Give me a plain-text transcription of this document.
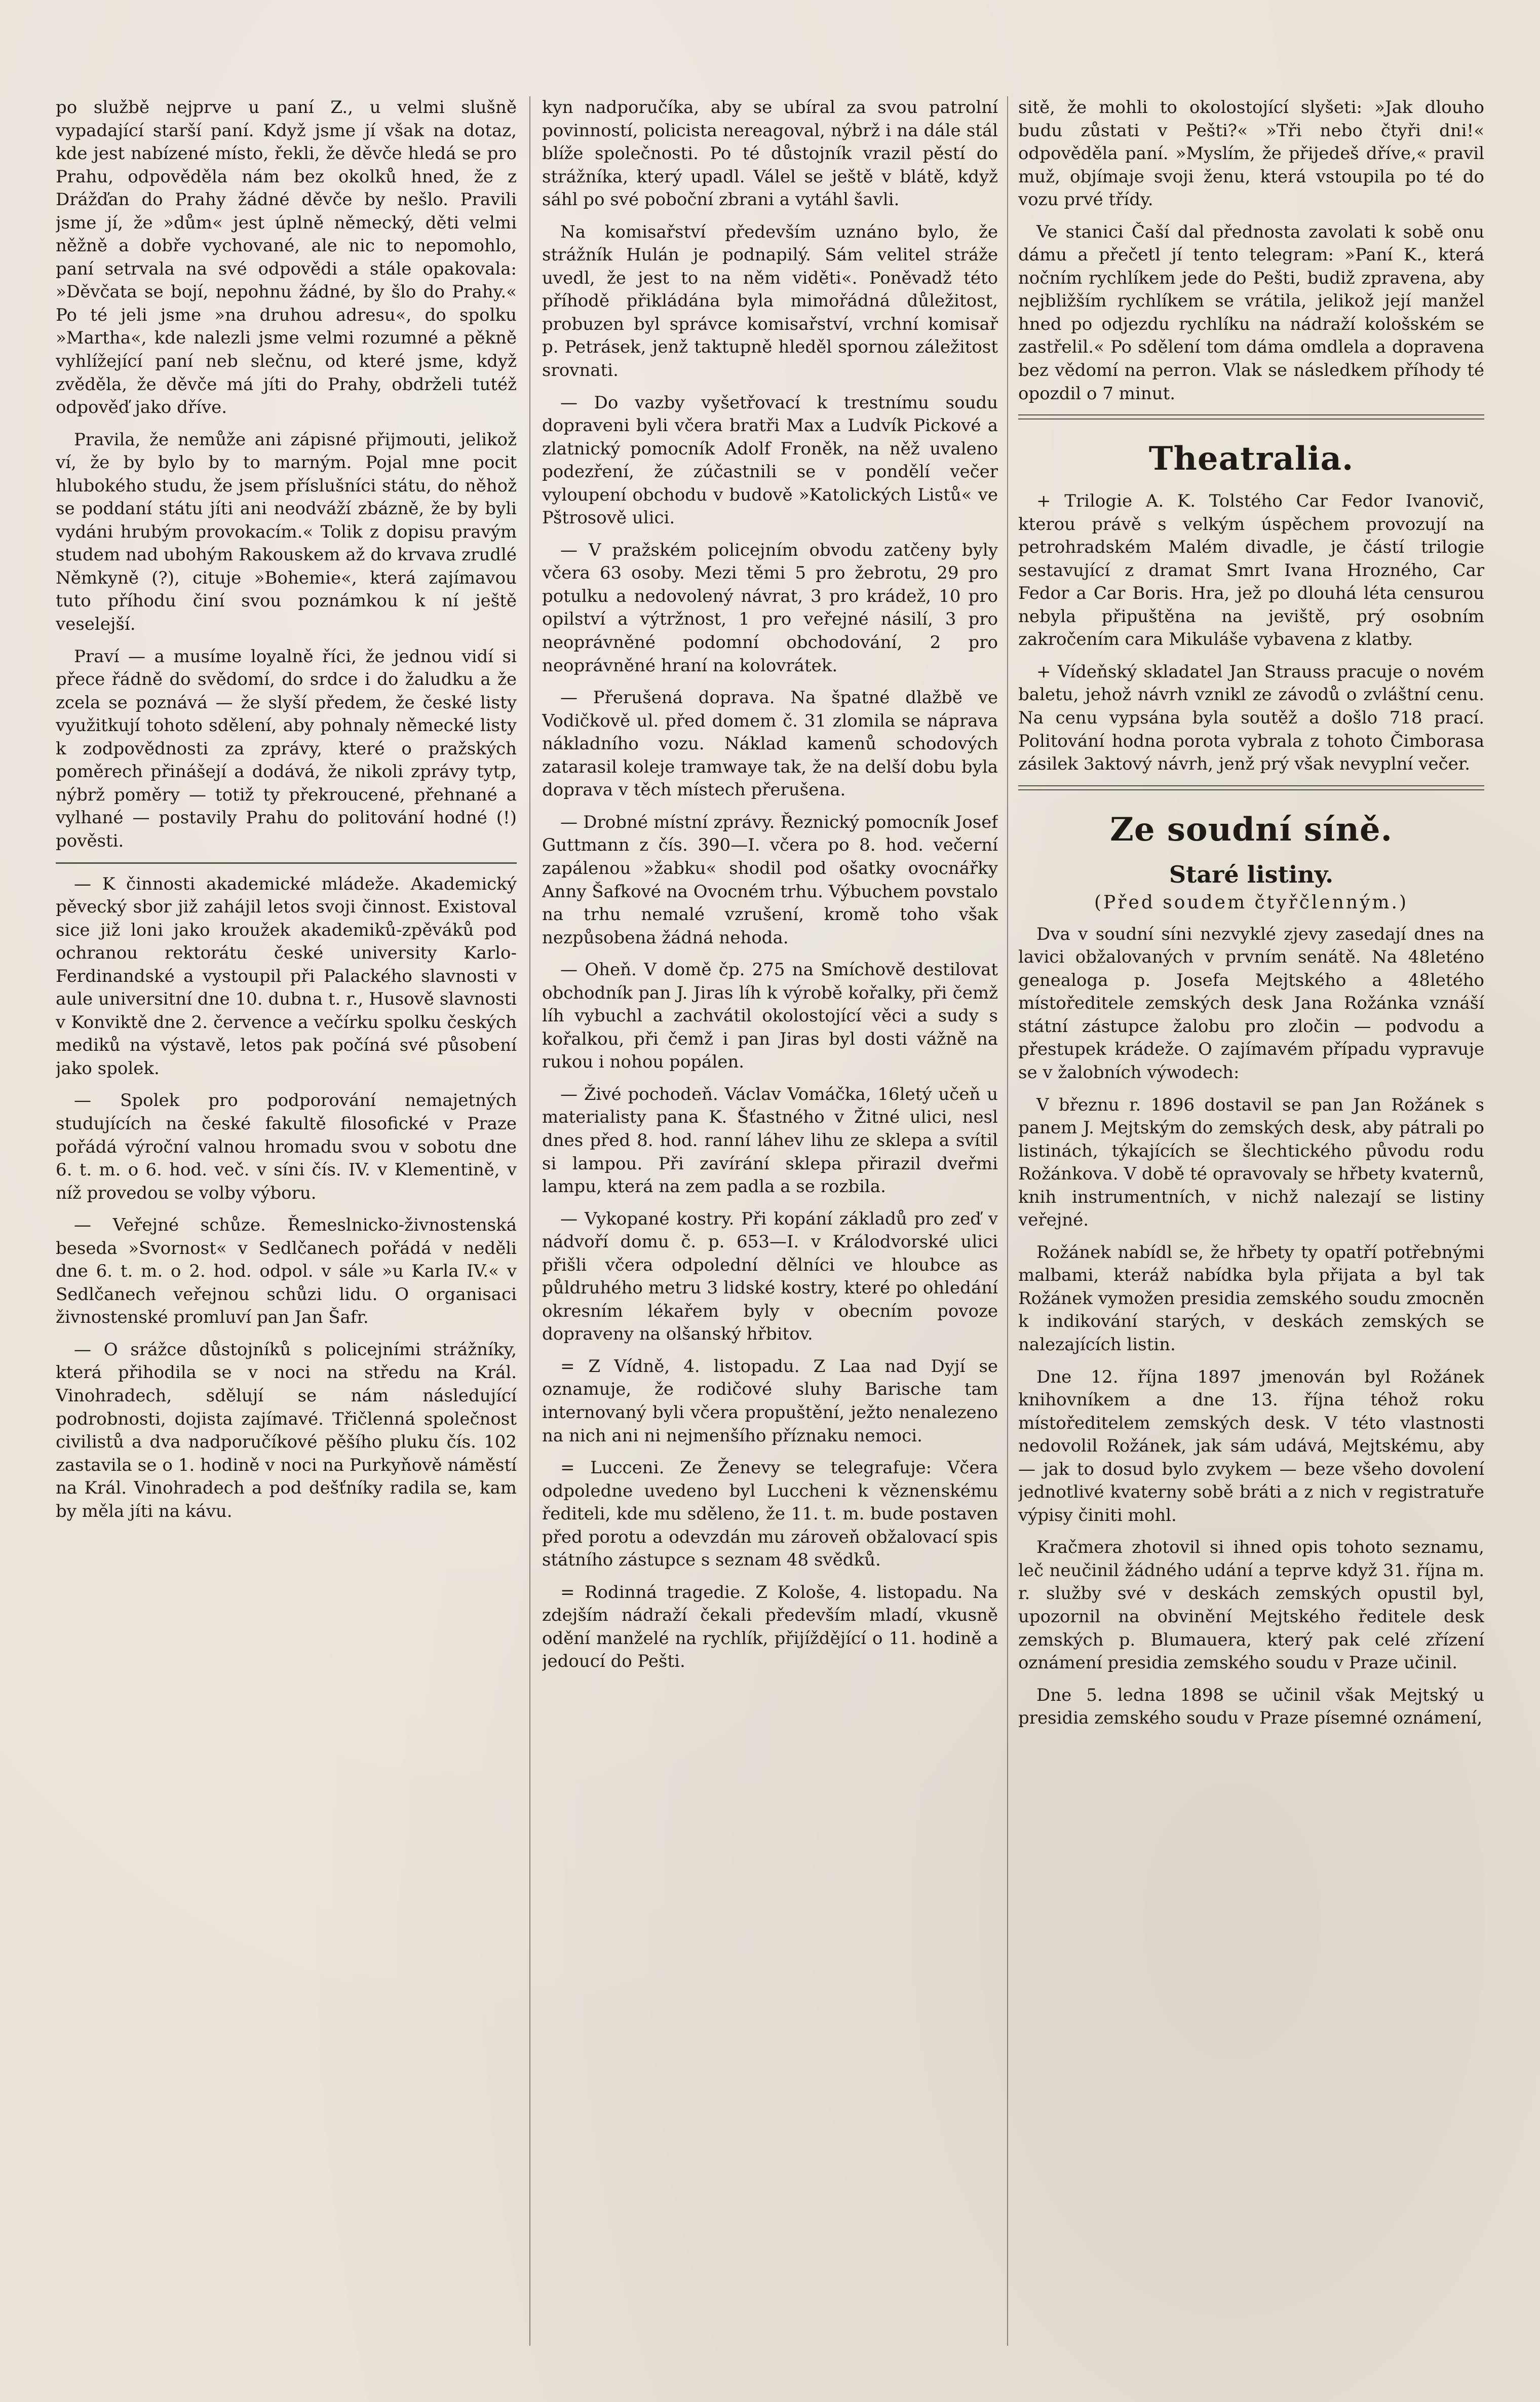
po službě nejprve u paní Z., u velmi slušně vypadající starší paní. Když jsme jí však na dotaz, kde jest nabízené místo, řekli, že děvče hledá se pro Prahu, odpověděla nám bez okolků hned, že z Drážďan do Prahy žádné děvče by nešlo. Pravili jsme jí, že »dům« jest úplně německý, děti velmi něžně a dobře vychované, ale nic to nepomohlo, paní setrvala na své odpovědi a stále opakovala: »Děvčata se bojí, nepohnu žádné, by šlo do Prahy.« Po té jeli jsme »na druhou adresu«, do spolku »Martha«, kde nalezli jsme velmi rozumné a pěkně vyhlížející paní neb slečnu, od které jsme, když zvěděla, že děvče má jíti do Prahy, obdrželi tutéž odpověď jako dříve.

Pravila, že nemůže ani zápisné přijmouti, jelikož ví, že by bylo by to marným. Pojal mne pocit hlubokého studu, že jsem příslušníci státu, do něhož se poddaní státu jíti ani neodváží zbázně, že by byli vydáni hrubým provokacím.« Tolik z dopisu pravým studem nad ubohým Rakouskem až do krvava zrudlé Němkyně (?), cituje »Bohemie«, která zajímavou tuto příhodu činí svou poznámkou k ní ještě veselejší.

Praví — a musíme loyalně říci, že jednou vidí si přece řádně do svědomí, do srdce i do žaludku a že zcela se poznává — že slyší předem, že české listy využitkují tohoto sdělení, aby pohnaly německé listy k zodpovědnosti za zprávy, které o pražských poměrech přinášejí a dodává, že nikoli zprávy tytp, nýbrž poměry — totiž ty překroucené, přehnané a vylhané — postavily Prahu do politování hodné (!) pověsti.

— K činnosti akademické mládeže. Akademický pěvecký sbor již zahájil letos svoji činnost. Existoval sice již loni jako kroužek akademiků-zpěváků pod ochranou rektorátu české university Karlo-Ferdinandské a vystoupil při Palackého slavnosti v aule universitní dne 10. dubna t. r., Husově slavnosti v Konviktě dne 2. července a večírku spolku českých mediků na výstavě, letos pak počíná své působení jako spolek.

— Spolek pro podporování nemajetných studujících na české fakultě filosofické v Praze pořádá výroční valnou hromadu svou v sobotu dne 6. t. m. o 6. hod. več. v síni čís. IV. v Klementině, v níž provedou se volby výboru.

— Veřejné schůze. Řemeslnicko-živnostenská beseda »Svornost« v Sedlčanech pořádá v neděli dne 6. t. m. o 2. hod. odpol. v sále »u Karla IV.« v Sedlčanech veřejnou schůzi lidu. O organisaci živnostenské promluví pan Jan Šafr.

— O srážce důstojníků s policejními strážníky, která přihodila se v noci na středu na Král. Vinohradech, sdělují se nám následující podrobnosti, dojista zajímavé. Třičlenná společnost civilistů a dva nadporučíkové pěšího pluku čís. 102 zastavila se o 1. hodině v noci na Purkyňově náměstí na Král. Vinohradech a pod dešťníky radila se, kam by měla jíti na kávu.

kyn nadporučíka, aby se ubíral za svou patrolní povinností, policista nereagoval, nýbrž i na dále stál blíže společnosti. Po té důstojník vrazil pěstí do strážníka, který upadl. Válel se ještě v blátě, když sáhl po své poboční zbrani a vytáhl šavli.

Na komisařství především uznáno bylo, že strážník Hulán je podnapilý. Sám velitel stráže uvedl, že jest to na něm viděti«. Poněvadž této příhodě přikládána byla mimořádná důležitost, probuzen byl správce komisařství, vrchní komisař p. Petrásek, jenž taktupně hleděl spornou záležitost srovnati.

— Do vazby vyšetřovací k trestnímu soudu dopraveni byli včera bratři Max a Ludvík Pickové a zlatnický pomocník Adolf Froněk, na něž uvaleno podezření, že zúčastnili se v pondělí večer vyloupení obchodu v budově »Katolických Listů« ve Pštrosově ulici.

— V pražském policejním obvodu zatčeny byly včera 63 osoby. Mezi těmi 5 pro žebrotu, 29 pro potulku a nedovolený návrat, 3 pro krádež, 10 pro opilství a výtržnost, 1 pro veřejné násilí, 3 pro neoprávněné podomní obchodování, 2 pro neoprávněné hraní na kolovrátek.

— Přerušená doprava. Na špatné dlažbě ve Vodičkově ul. před domem č. 31 zlomila se náprava nákladního vozu. Náklad kamenů schodových zatarasil koleje tramwaye tak, že na delší dobu byla doprava v těch místech přerušena.

— Drobné místní zprávy. Řeznický pomocník Josef Guttmann z čís. 390—I. včera po 8. hod. večerní zapálenou »žabku« shodil pod ošatky ovocnářky Anny Šafkové na Ovocném trhu. Výbuchem povstalo na trhu nemalé vzrušení, kromě toho však nezpůsobena žádná nehoda.

— Oheň. V domě čp. 275 na Smíchově destilovat obchodník pan J. Jiras líh k výrobě kořalky, při čemž líh vybuchl a zachvátil okolostojící věci a sudy s kořalkou, při čemž i pan Jiras byl dosti vážně na rukou i nohou popálen.

— Živé pochodeň. Václav Vomáčka, 16letý učeň u materialisty pana K. Šťastného v Žitné ulici, nesl dnes před 8. hod. ranní láhev lihu ze sklepa a svítil si lampou. Při zavírání sklepa přirazil dveřmi lampu, která na zem padla a se rozbila.

— Vykopané kostry. Při kopání základů pro zeď v nádvoří domu č. p. 653—I. v Králodvorské ulici přišli včera odpolední dělníci ve hloubce as půldruhého metru 3 lidské kostry, které po ohledání okresním lékařem byly v obecním povoze dopraveny na olšanský hřbitov.

= Z Vídně, 4. listopadu. Z Laa nad Dyjí se oznamuje, že rodičové sluhy Barische tam internovaný byli včera propuštění, ježto nenalezeno na nich ani ni nejmenšího příznaku nemoci.

= Lucceni. Ze Ženevy se telegrafuje: Včera odpoledne uvedeno byl Luccheni k věznenskému řediteli, kde mu sděleno, že 11. t. m. bude postaven před porotu a odevzdán mu zároveň obžalovací spis státního zástupce s seznam 48 svědků.

= Rodinná tragedie. Z Kološe, 4. listopadu. Na zdejším nádraží čekali především mladí, vkusně odění manželé na rychlík, přijíždějící o 11. hodině a jedoucí do Pešti.

sitě, že mohli to okolostojící slyšeti: »Jak dlouho budu zůstati v Pešti?« »Tři nebo čtyři dni!« odpověděla paní. »Myslím, že přijedeš dříve,« pravil muž, objímaje svoji ženu, která vstoupila po té do vozu prvé třídy.

Ve stanici Čaší dal přednosta zavolati k sobě onu dámu a přečetl jí tento telegram: »Paní K., která nočním rychlíkem jede do Pešti, budiž zpravena, aby nejbližším rychlíkem se vrátila, jelikož její manžel hned po odjezdu rychlíku na nádraží kološském se zastřelil.« Po sdělení tom dáma omdlela a dopravena bez vědomí na perron. Vlak se následkem příhody té opozdil o 7 minut.

Theatralia.

+ Trilogie A. K. Tolstého Car Fedor Ivanovič, kterou právě s velkým úspěchem provozují na petrohradském Malém divadle, je částí trilogie sestavující z dramat Smrt Ivana Hrozného, Car Fedor a Car Boris. Hra, jež po dlouhá léta censurou nebyla připuštěna na jeviště, prý osobním zakročením cara Mikuláše vybavena z klatby.

+ Vídeňský skladatel Jan Strauss pracuje o novém baletu, jehož návrh vznikl ze závodů o zvláštní cenu. Na cenu vypsána byla soutěž a došlo 718 prací. Politování hodna porota vybrala z tohoto Čimborasa zásilek 3aktový návrh, jenž prý však nevyplní večer.

Ze soudní síně.
Staré listiny.
(Před soudem čtyřčlenným.)

Dva v soudní síni nezvyklé zjevy zasedají dnes na lavici obžalovaných v prvním senátě. Na 48leténo genealoga p. Josefa Mejtského a 48letého místoředitele zemských desk Jana Rožánka vznáší státní zástupce žalobu pro zločin — podvodu a přestupek krádeže. O zajímavém případu vypravuje se v žalobních výwodech:

V březnu r. 1896 dostavil se pan Jan Rožánek s panem J. Mejtským do zemských desk, aby pátrali po listinách, týkajících se šlechtického původu rodu Rožánkova. V době té opravovaly se hřbety kvaternů, knih instrumentních, v nichž nalezají se listiny veřejné.

Rožánek nabídl se, že hřbety ty opatří potřebnými malbami, kteráž nabídka byla přijata a byl tak Rožánek vymožen presidia zemského soudu zmocněn k indikování starých, v deskách zemských se nalezajících listin.

Dne 12. října 1897 jmenován byl Rožánek knihovníkem a dne 13. října téhož roku místoředitelem zemských desk. V této vlastnosti nedovolil Rožánek, jak sám udává, Mejtskému, aby — jak to dosud bylo zvykem — beze všeho dovolení jednotlivé kvaterny sobě bráti a z nich v registratuře výpisy činiti mohl.

Kračmera zhotovil si ihned opis tohoto seznamu, leč neučinil žádného udání a teprve když 31. října m. r. služby své v deskách zemských opustil byl, upozornil na obvinění Mejtského ředitele desk zemských p. Blumauera, který pak celé zřízení oznámení presidia zemského soudu v Praze učinil.

Dne 5. ledna 1898 se učinil však Mejtský u presidia zemského soudu v Praze písemné oznámení,
